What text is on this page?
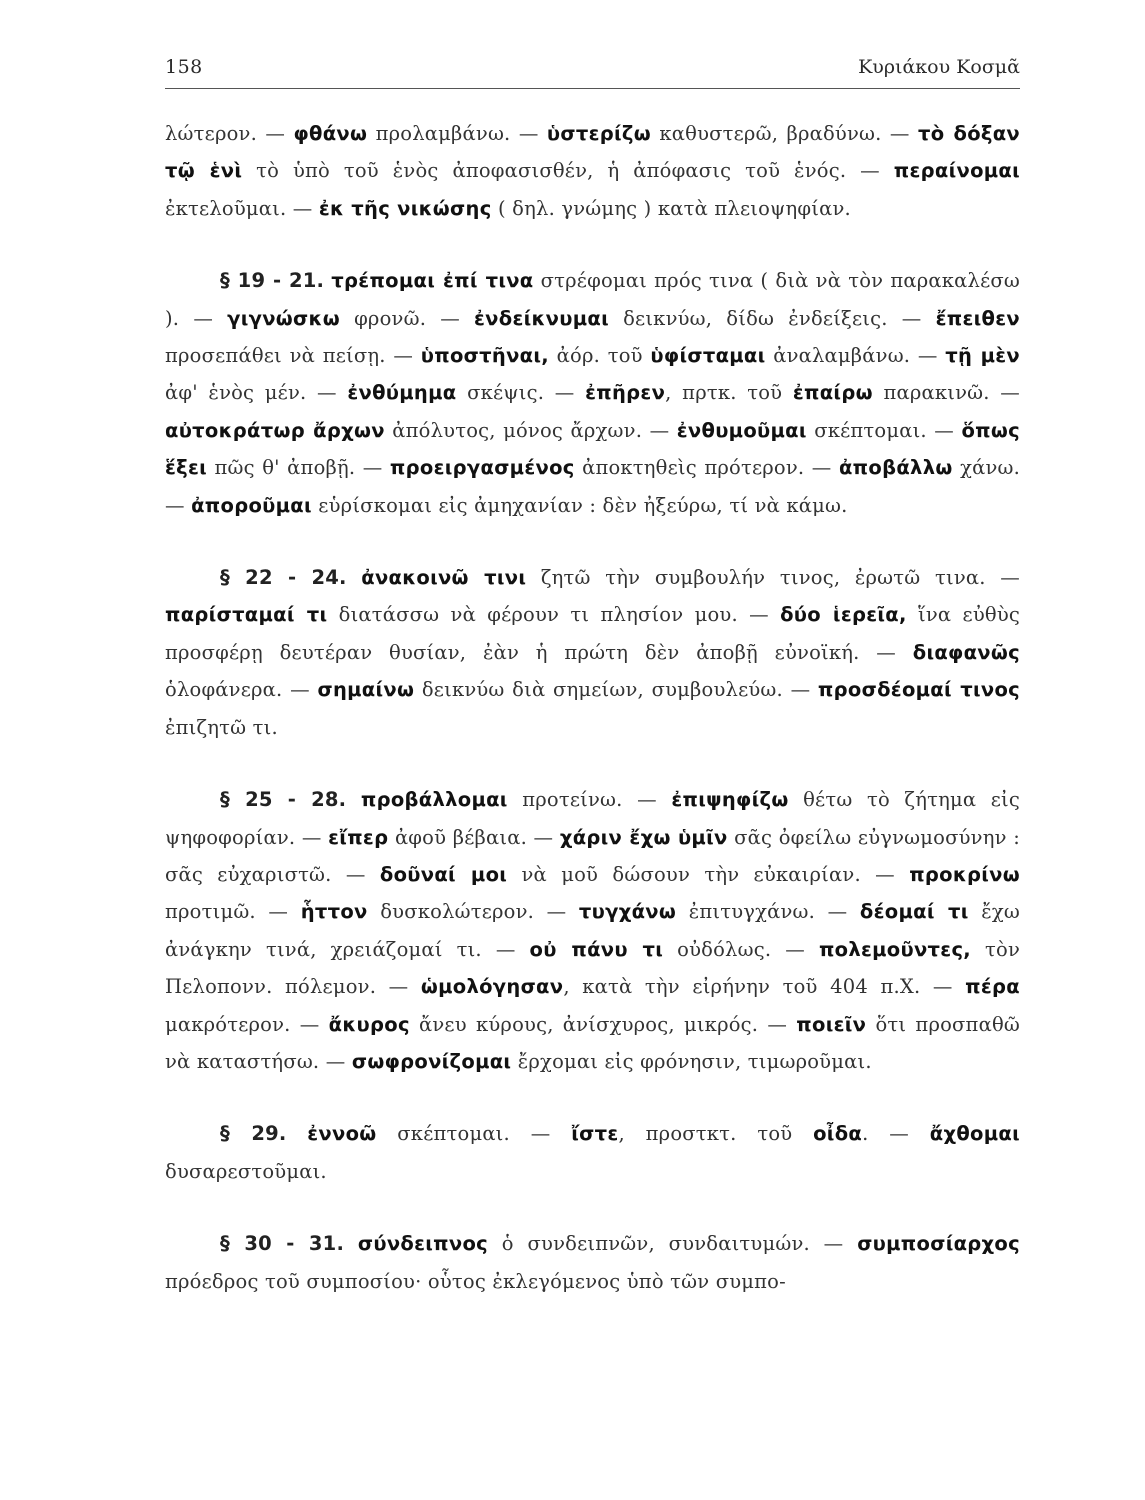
158	Κυριάκου Κοσμᾶ

λώτερον. — φθάνω προλαμβάνω. — ὑστερίζω καθυστερῶ, βραδύνω. — τὸ δόξαν τῷ ἑνὶ τὸ ὑπὸ τοῦ ἑνὸς ἀποφασισθέν, ἡ ἀπόφασις τοῦ ἑνός. — περαίνομαι ἐκτελοῦμαι. — ἐκ τῆς νικώσης ( δηλ. γνώμης ) κατὰ πλειοψηφίαν.

§ 19 - 21. τρέπομαι ἐπί τινα στρέφομαι πρός τινα ( διὰ νὰ τὸν παρακαλέσω ). — γιγνώσκω φρονῶ. — ἐνδείκνυμαι δεικνύω, δίδω ἐνδείξεις. — ἔπειθεν προσεπάθει νὰ πείσῃ. — ὑποστῆναι, ἀόρ. τοῦ ὑφίσταμαι ἀναλαμβάνω. — τῇ μὲν ἀφ' ἑνὸς μέν. — ἐνθύμημα σκέψις. — ἐπῆρεν, πρτκ. τοῦ ἐπαίρω παρακινῶ. — αὐτοκράτωρ ἄρχων ἀπόλυτος, μόνος ἄρχων. — ἐνθυμοῦμαι σκέπτομαι. — ὅπως ἕξει πῶς θ' ἀποβῇ. — προειργασμένος ἀποκτηθεὶς πρότερον. — ἀποβάλλω χάνω. — ἀποροῦμαι εὑρίσκομαι εἰς ἀμηχανίαν : δὲν ἠξεύρω, τί νὰ κάμω.

§ 22 - 24. ἀνακοινῶ τινι ζητῶ τὴν συμβουλήν τινος, ἐρωτῶ τινα. — παρίσταμαί τι διατάσσω νὰ φέρουν τι πλησίον μου. — δύο ἱερεῖα, ἵνα εὐθὺς προσφέρῃ δευτέραν θυσίαν, ἐὰν ἡ πρώτη δὲν ἀποβῇ εὐνοϊκή. — διαφανῶς ὁλοφάνερα. — σημαίνω δεικνύω διὰ σημείων, συμβουλεύω. — προσδέομαί τινος ἐπιζητῶ τι.

§ 25 - 28. προβάλλομαι προτείνω. — ἐπιψηφίζω θέτω τὸ ζήτημα εἰς ψηφοφορίαν. — εἴπερ ἀφοῦ βέβαια. — χάριν ἔχω ὑμῖν σᾶς ὀφείλω εὐγνωμοσύνην : σᾶς εὐχαριστῶ. — δοῦναί μοι νὰ μοῦ δώσουν τὴν εὐκαιρίαν. — προκρίνω προτιμῶ. — ἧττον δυσκολώτερον. — τυγχάνω ἐπιτυγχάνω. — δέομαί τι ἔχω ἀνάγκην τινά, χρειάζομαί τι. — οὐ πάνυ τι οὐδόλως. — πολεμοῦντες, τὸν Πελοπονν. πόλεμον. — ὡμολόγησαν, κατὰ τὴν εἰρήνην τοῦ 404 π.Χ. — πέρα μακρότερον. — ἄκυρος ἄνευ κύρους, ἀνίσχυρος, μικρός. — ποιεῖν ὅτι προσπαθῶ νὰ καταστήσω. — σωφρονίζομαι ἔρχομαι εἰς φρόνησιν, τιμωροῦμαι.

§ 29. ἐννοῶ σκέπτομαι. — ἴστε, προστκτ. τοῦ οἶδα. — ἄχθομαι δυσαρεστοῦμαι.

§ 30 - 31. σύνδειπνος ὁ συνδειπνῶν, συνδαιτυμών. — συμποσίαρχος πρόεδρος τοῦ συμποσίου· οὗτος ἐκλεγόμενος ὑπὸ τῶν συμπο-
